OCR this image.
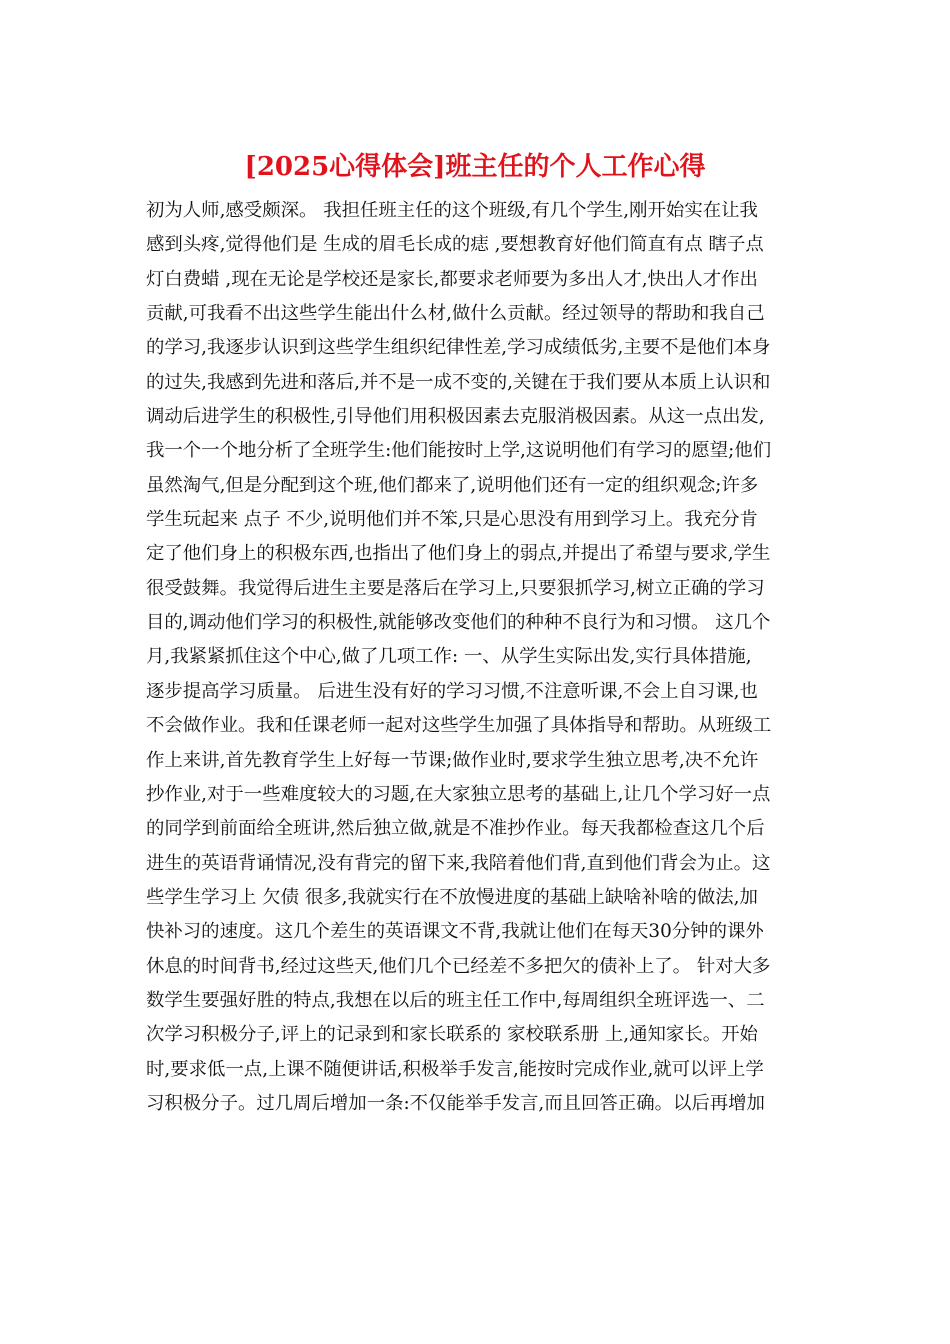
[2025心得体会]班主任的个人工作心得
初为人师,感受颇深。 我担任班主任的这个班级,有几个学生,刚开始实在让我
感到头疼,觉得他们是 生成的眉毛长成的痣 ,要想教育好他们简直有点 瞎子点
灯白费蜡 ,现在无论是学校还是家长,都要求老师要为多出人才,快出人才作出
贡献,可我看不出这些学生能出什么材,做什么贡献。经过领导的帮助和我自己
的学习,我逐步认识到这些学生组织纪律性差,学习成绩低劣,主要不是他们本身
的过失,我感到先进和落后,并不是一成不变的,关键在于我们要从本质上认识和
调动后进学生的积极性,引导他们用积极因素去克服消极因素。从这一点出发,
我一个一个地分析了全班学生:他们能按时上学,这说明他们有学习的愿望;他们
虽然淘气,但是分配到这个班,他们都来了,说明他们还有一定的组织观念;许多
学生玩起来 点子 不少,说明他们并不笨,只是心思没有用到学习上。我充分肯
定了他们身上的积极东西,也指出了他们身上的弱点,并提出了希望与要求,学生
很受鼓舞。我觉得后进生主要是落后在学习上,只要狠抓学习,树立正确的学习
目的,调动他们学习的积极性,就能够改变他们的种种不良行为和习惯。 这几个
月,我紧紧抓住这个中心,做了几项工作: 一、从学生实际出发,实行具体措施,
逐步提高学习质量。 后进生没有好的学习习惯,不注意听课,不会上自习课,也
不会做作业。我和任课老师一起对这些学生加强了具体指导和帮助。从班级工
作上来讲,首先教育学生上好每一节课;做作业时,要求学生独立思考,决不允许
抄作业,对于一些难度较大的习题,在大家独立思考的基础上,让几个学习好一点
的同学到前面给全班讲,然后独立做,就是不准抄作业。每天我都检查这几个后
进生的英语背诵情况,没有背完的留下来,我陪着他们背,直到他们背会为止。这
些学生学习上 欠债 很多,我就实行在不放慢进度的基础上缺啥补啥的做法,加
快补习的速度。这几个差生的英语课文不背,我就让他们在每天30分钟的课外
休息的时间背书,经过这些天,他们几个已经差不多把欠的债补上了。 针对大多
数学生要强好胜的特点,我想在以后的班主任工作中,每周组织全班评选一、二
次学习积极分子,评上的记录到和家长联系的 家校联系册 上,通知家长。开始
时,要求低一点,上课不随便讲话,积极举手发言,能按时完成作业,就可以评上学
习积极分子。过几周后增加一条:不仅能举手发言,而且回答正确。以后再增加
